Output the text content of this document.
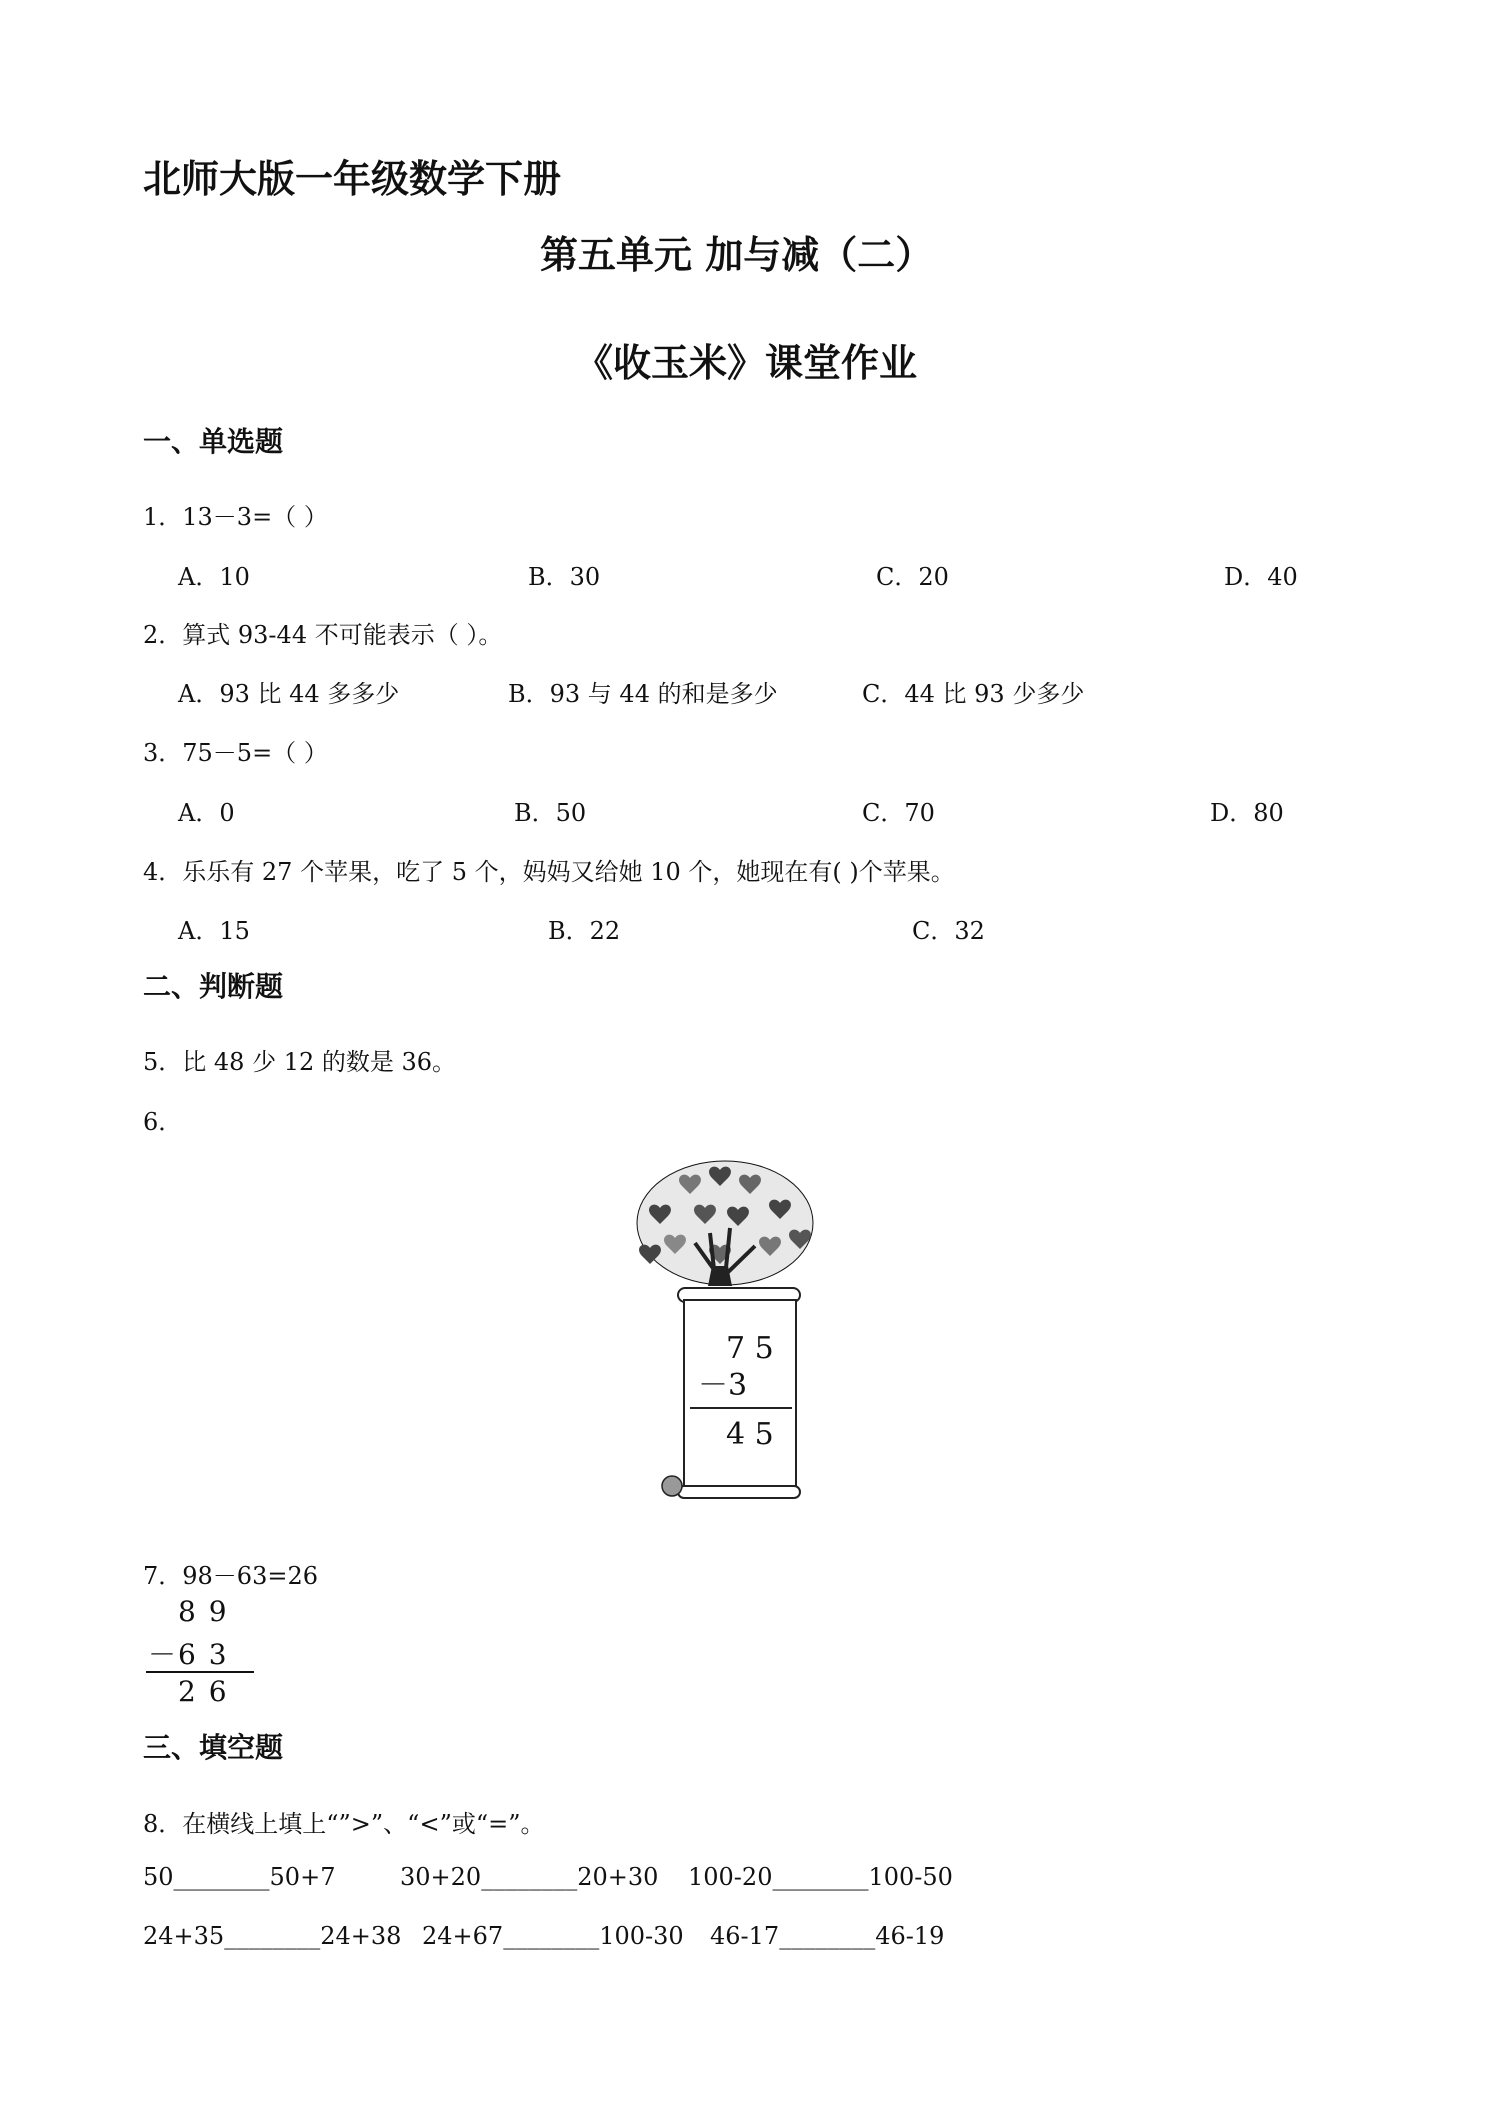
北师大版一年级数学下册
第五单元 加与减（二）
《收玉米》课堂作业
一、单选题
1．13－3=（ ）
A．10	B．30	C．20	D．40
2．算式 93-44 不可能表示（ ）。
A．93 比 44 多多少	B．93 与 44 的和是多少	C．44 比 93 少多少
3．75－5=（ ）
A．0	B．50	C．70	D．80
4．乐乐有 27 个苹果，吃了 5 个，妈妈又给她 10 个，她现在有( )个苹果。
A．15	B．22	C．32
二、判断题
5．比 48 少 12 的数是 36。
6．
7 5
－3
4 5
7．98－63=26
8 9
－6 3
2 6
三、填空题
8．在横线上填上“”>”、“<”或“=”。
50________50+7	30+20________20+30 100-20________100-50
24+35________24+38 24+67________100-30 46-17________46-19
